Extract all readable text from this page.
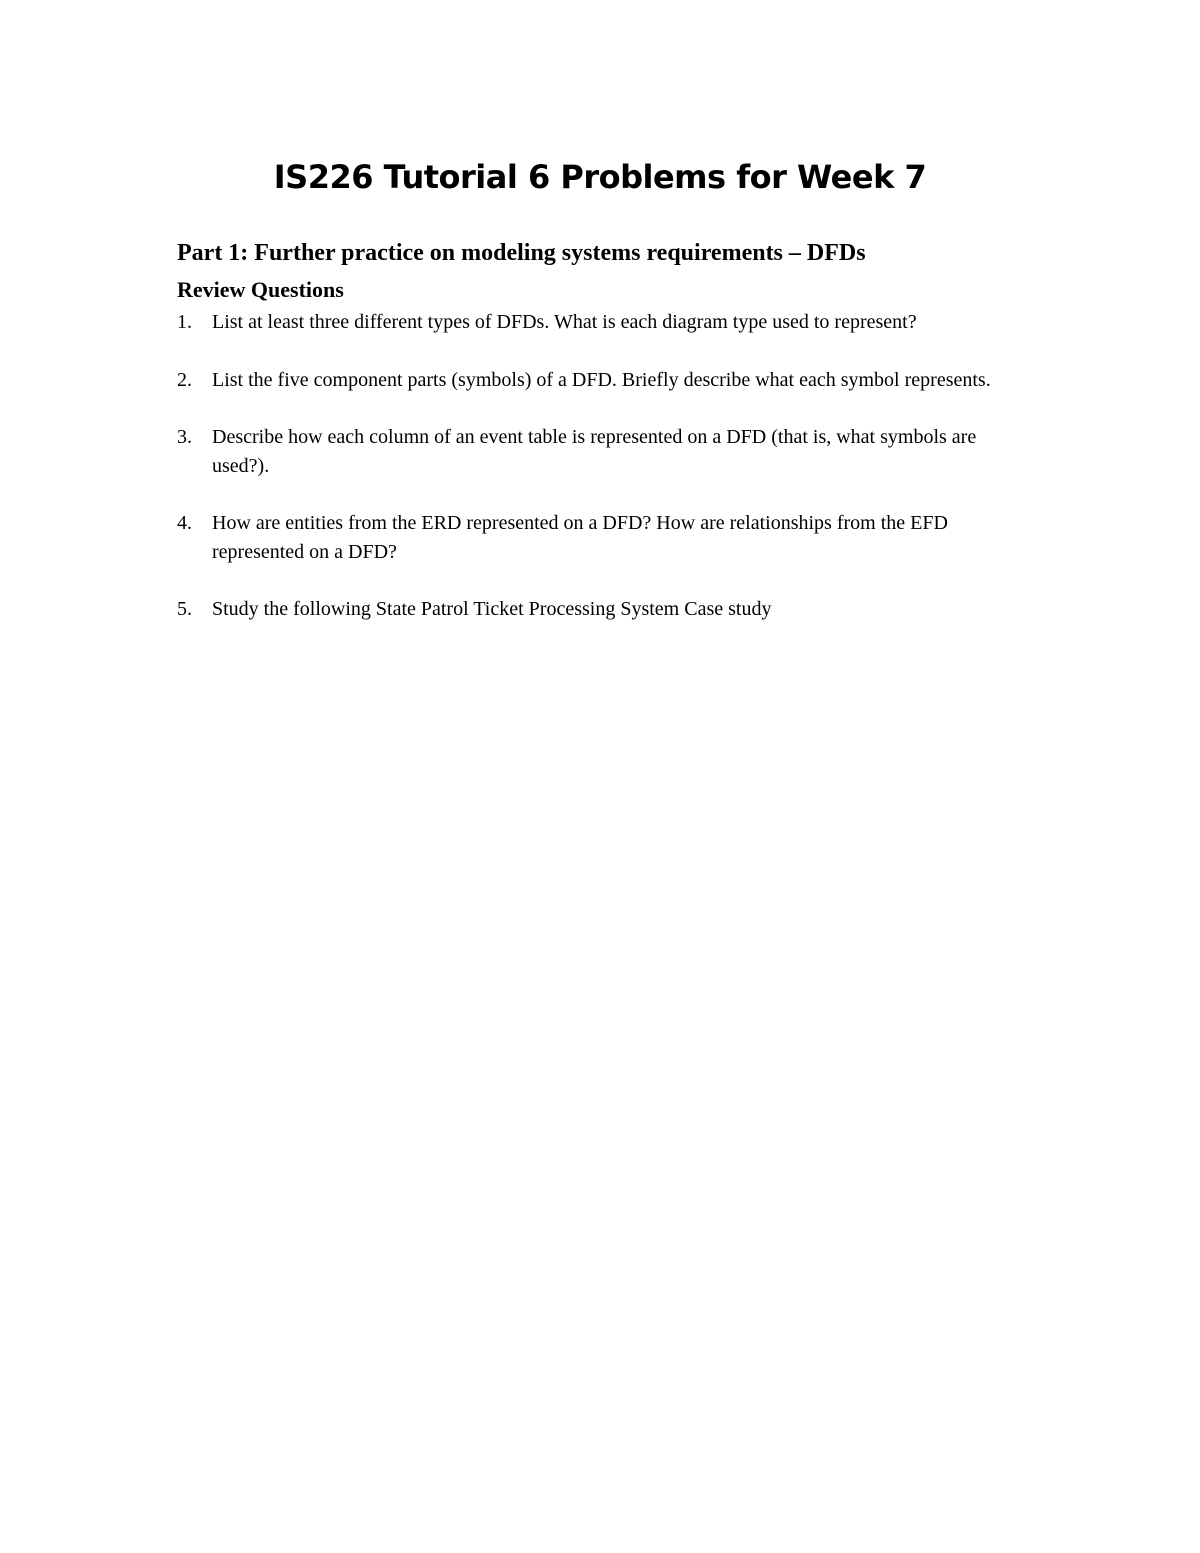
IS226 Tutorial 6 Problems for Week 7
Part 1: Further practice on modeling systems requirements – DFDs
Review Questions
1. List at least three different types of DFDs. What is each diagram type used to represent?
2. List the five component parts (symbols) of a DFD. Briefly describe what each symbol represents.
3. Describe how each column of an event table is represented on a DFD (that is, what symbols are used?).
4. How are entities from the ERD represented on a DFD? How are relationships from the EFD represented on a DFD?
5. Study the following State Patrol Ticket Processing System Case study
